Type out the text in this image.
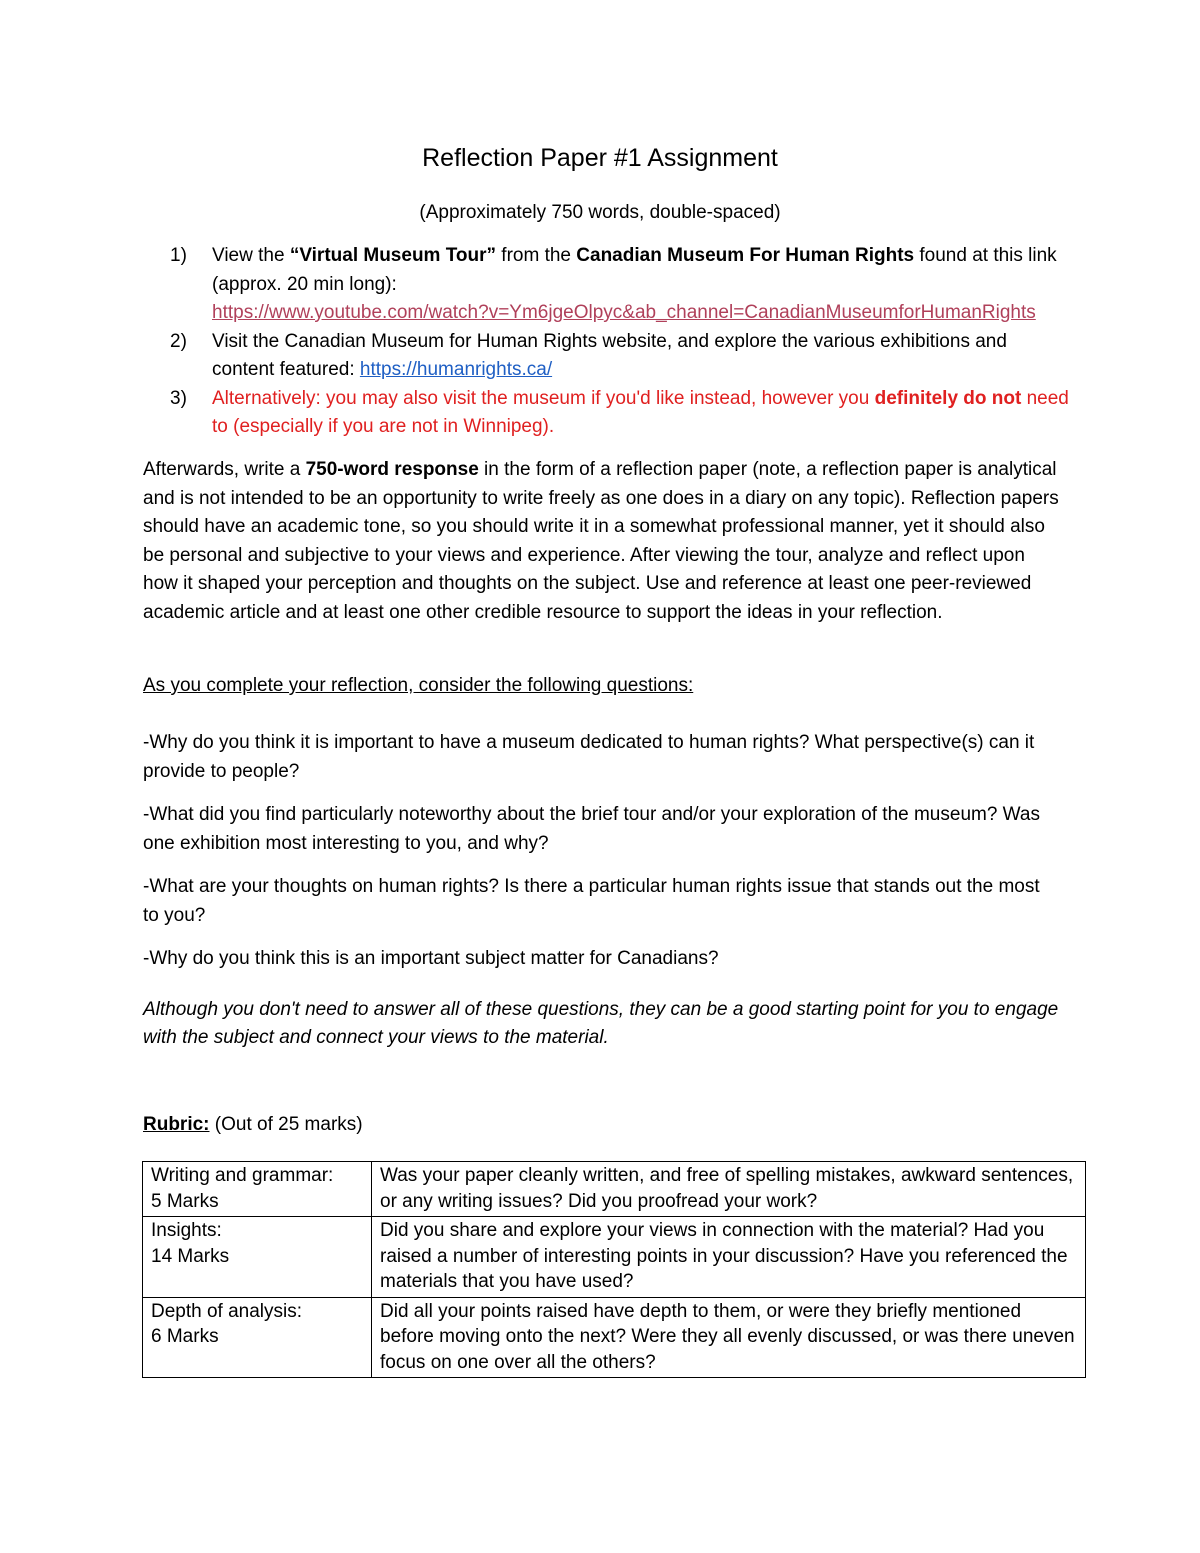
Reflection Paper #1 Assignment
(Approximately 750 words, double-spaced)
1) View the “Virtual Museum Tour” from the Canadian Museum For Human Rights found at this link (approx. 20 min long):
https://www.youtube.com/watch?v=Ym6jgeOlpyc&ab_channel=CanadianMuseumforHumanRights
2) Visit the Canadian Museum for Human Rights website, and explore the various exhibitions and content featured: https://humanrights.ca/
3) Alternatively: you may also visit the museum if you'd like instead, however you definitely do not need to (especially if you are not in Winnipeg).

Afterwards, write a 750-word response in the form of a reflection paper (note, a reflection paper is analytical and is not intended to be an opportunity to write freely as one does in a diary on any topic). Reflection papers should have an academic tone, so you should write it in a somewhat professional manner, yet it should also be personal and subjective to your views and experience. After viewing the tour, analyze and reflect upon how it shaped your perception and thoughts on the subject. Use and reference at least one peer-reviewed academic article and at least one other credible resource to support the ideas in your reflection.

As you complete your reflection, consider the following questions:

-Why do you think it is important to have a museum dedicated to human rights? What perspective(s) can it provide to people?

-What did you find particularly noteworthy about the brief tour and/or your exploration of the museum? Was one exhibition most interesting to you, and why?

-What are your thoughts on human rights? Is there a particular human rights issue that stands out the most to you?

-Why do you think this is an important subject matter for Canadians?

Although you don't need to answer all of these questions, they can be a good starting point for you to engage with the subject and connect your views to the material.

Rubric: (Out of 25 marks)

Writing and grammar:
5 Marks	Was your paper cleanly written, and free of spelling mistakes, awkward sentences, or any writing issues? Did you proofread your work?
Insights:
14 Marks	Did you share and explore your views in connection with the material? Had you raised a number of interesting points in your discussion? Have you referenced the materials that you have used?
Depth of analysis:
6 Marks	Did all your points raised have depth to them, or were they briefly mentioned before moving onto the next? Were they all evenly discussed, or was there uneven focus on one over all the others?
